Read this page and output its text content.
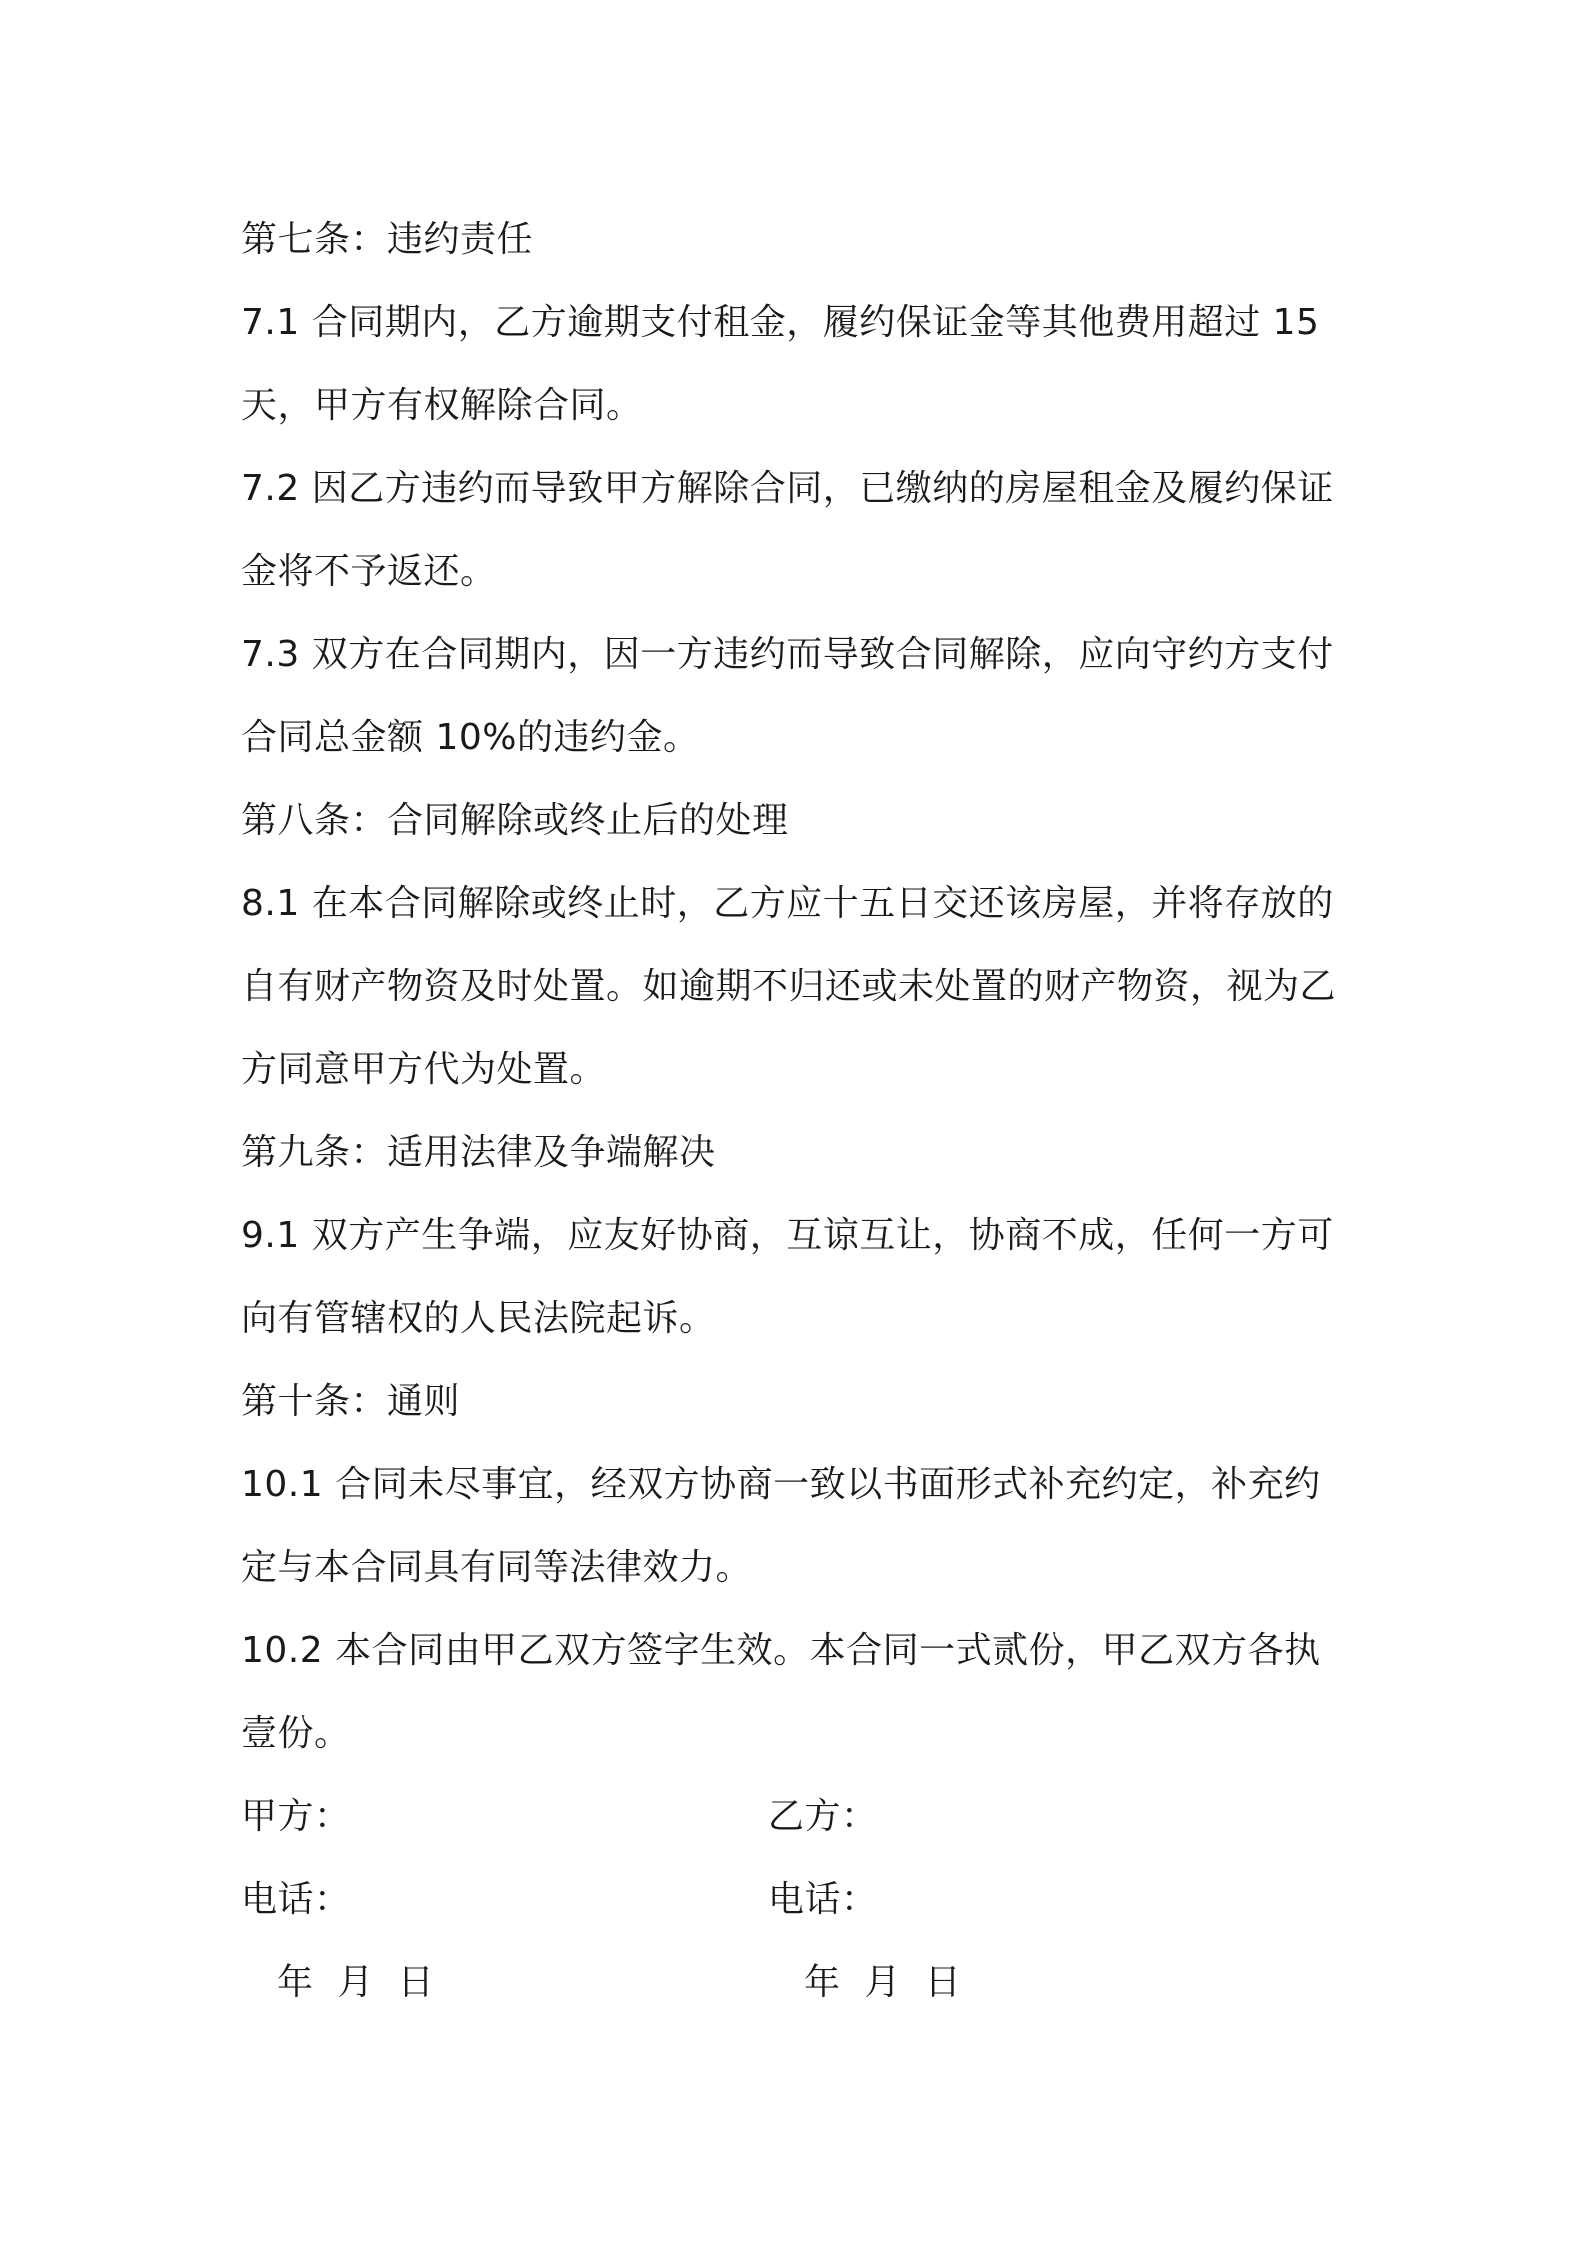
第七条：违约责任
7.1 合同期内，乙方逾期支付租金，履约保证金等其他费用超过 15
天，甲方有权解除合同。
7.2 因乙方违约而导致甲方解除合同，已缴纳的房屋租金及履约保证
金将不予返还。
7.3 双方在合同期内，因一方违约而导致合同解除，应向守约方支付
合同总金额 10%的违约金。
第八条：合同解除或终止后的处理
8.1 在本合同解除或终止时，乙方应十五日交还该房屋，并将存放的
自有财产物资及时处置。如逾期不归还或未处置的财产物资，视为乙
方同意甲方代为处置。
第九条：适用法律及争端解决
9.1 双方产生争端，应友好协商，互谅互让，协商不成，任何一方可
向有管辖权的人民法院起诉。
第十条：通则
10.1 合同未尽事宜，经双方协商一致以书面形式补充约定，补充约
定与本合同具有同等法律效力。
10.2 本合同由甲乙双方签字生效。本合同一式贰份，甲乙双方各执
壹份。
甲方：	乙方：
电话：	电话：
年  月  日	年  月  日
